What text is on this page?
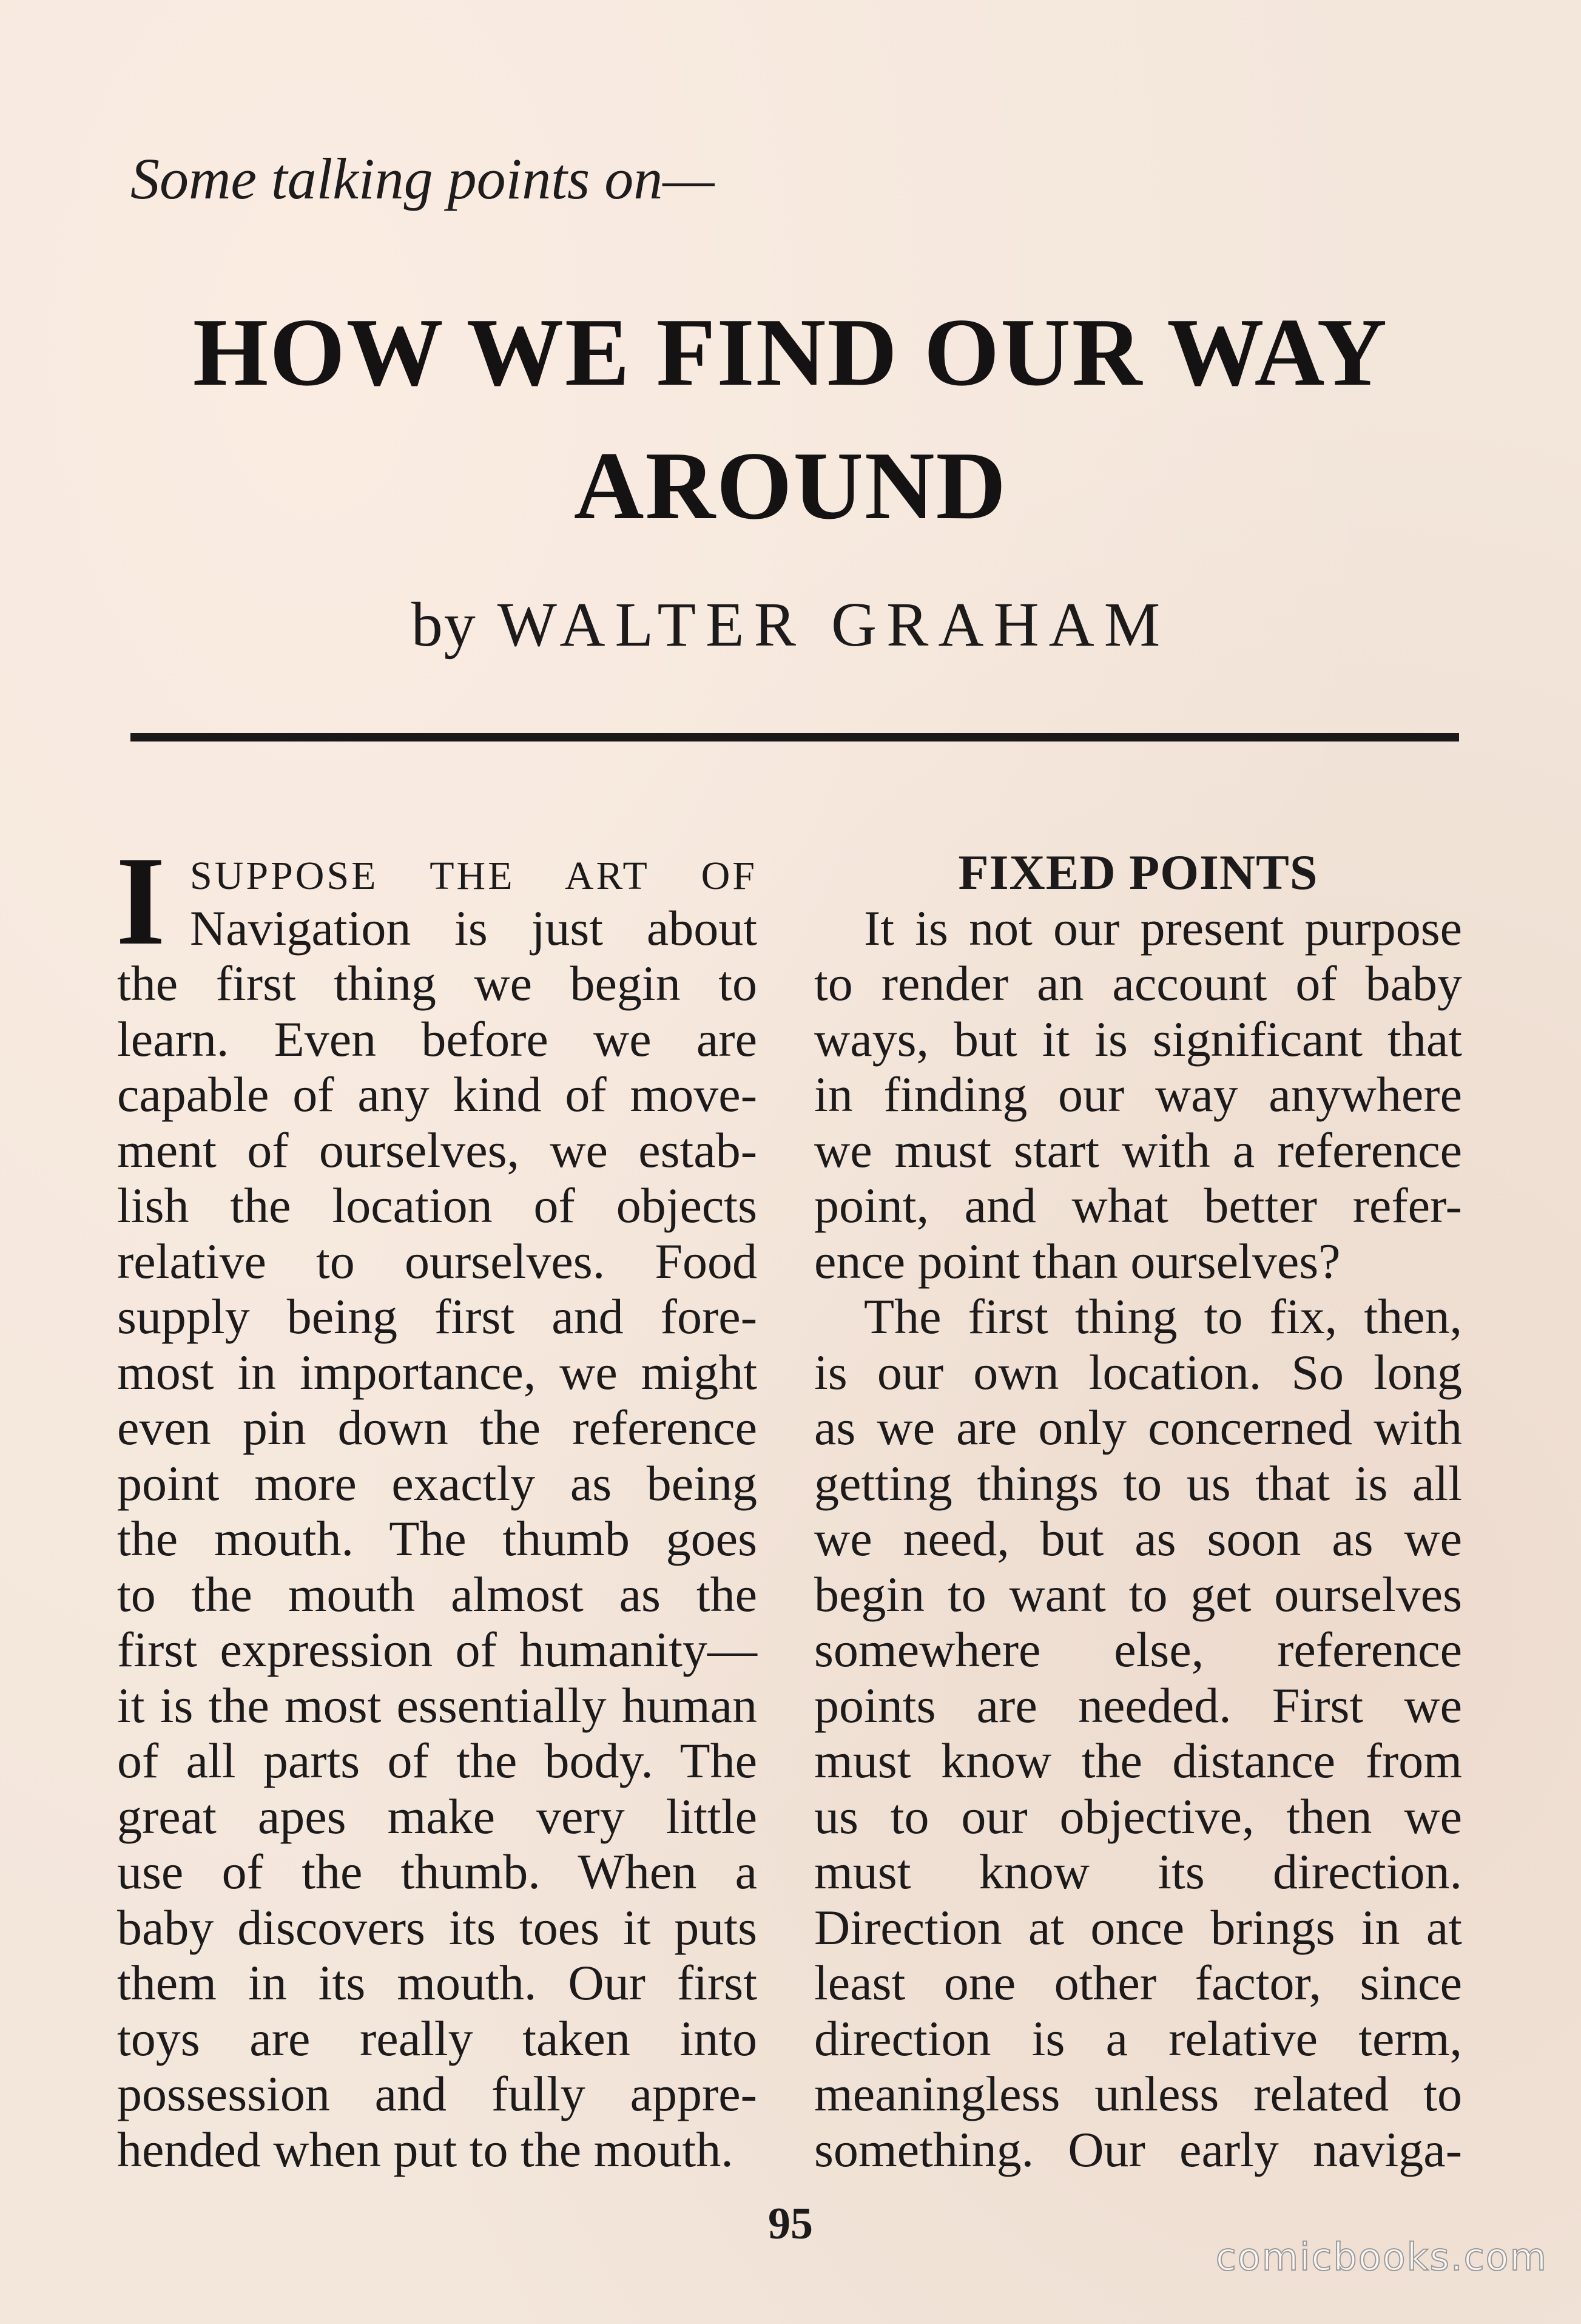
Some talking points on—
HOW WE FIND OUR WAY
AROUND
by WALTER GRAHAM
I SUPPOSE THE ART OF
Navigation is just about
the first thing we begin to
learn. Even before we are
capable of any kind of move-
ment of ourselves, we estab-
lish the location of objects
relative to ourselves. Food
supply being first and fore-
most in importance, we might
even pin down the reference
point more exactly as being
the mouth. The thumb goes
to the mouth almost as the
first expression of humanity—
it is the most essentially human
of all parts of the body. The
great apes make very little
use of the thumb. When a
baby discovers its toes it puts
them in its mouth. Our first
toys are really taken into
possession and fully appre-
hended when put to the mouth.
FIXED POINTS
It is not our present purpose
to render an account of baby
ways, but it is significant that
in finding our way anywhere
we must start with a reference
point, and what better refer-
ence point than ourselves?
The first thing to fix, then,
is our own location. So long
as we are only concerned with
getting things to us that is all
we need, but as soon as we
begin to want to get ourselves
somewhere else, reference
points are needed. First we
must know the distance from
us to our objective, then we
must know its direction.
Direction at once brings in at
least one other factor, since
direction is a relative term,
meaningless unless related to
something. Our early naviga-
95
comicbooks.com
